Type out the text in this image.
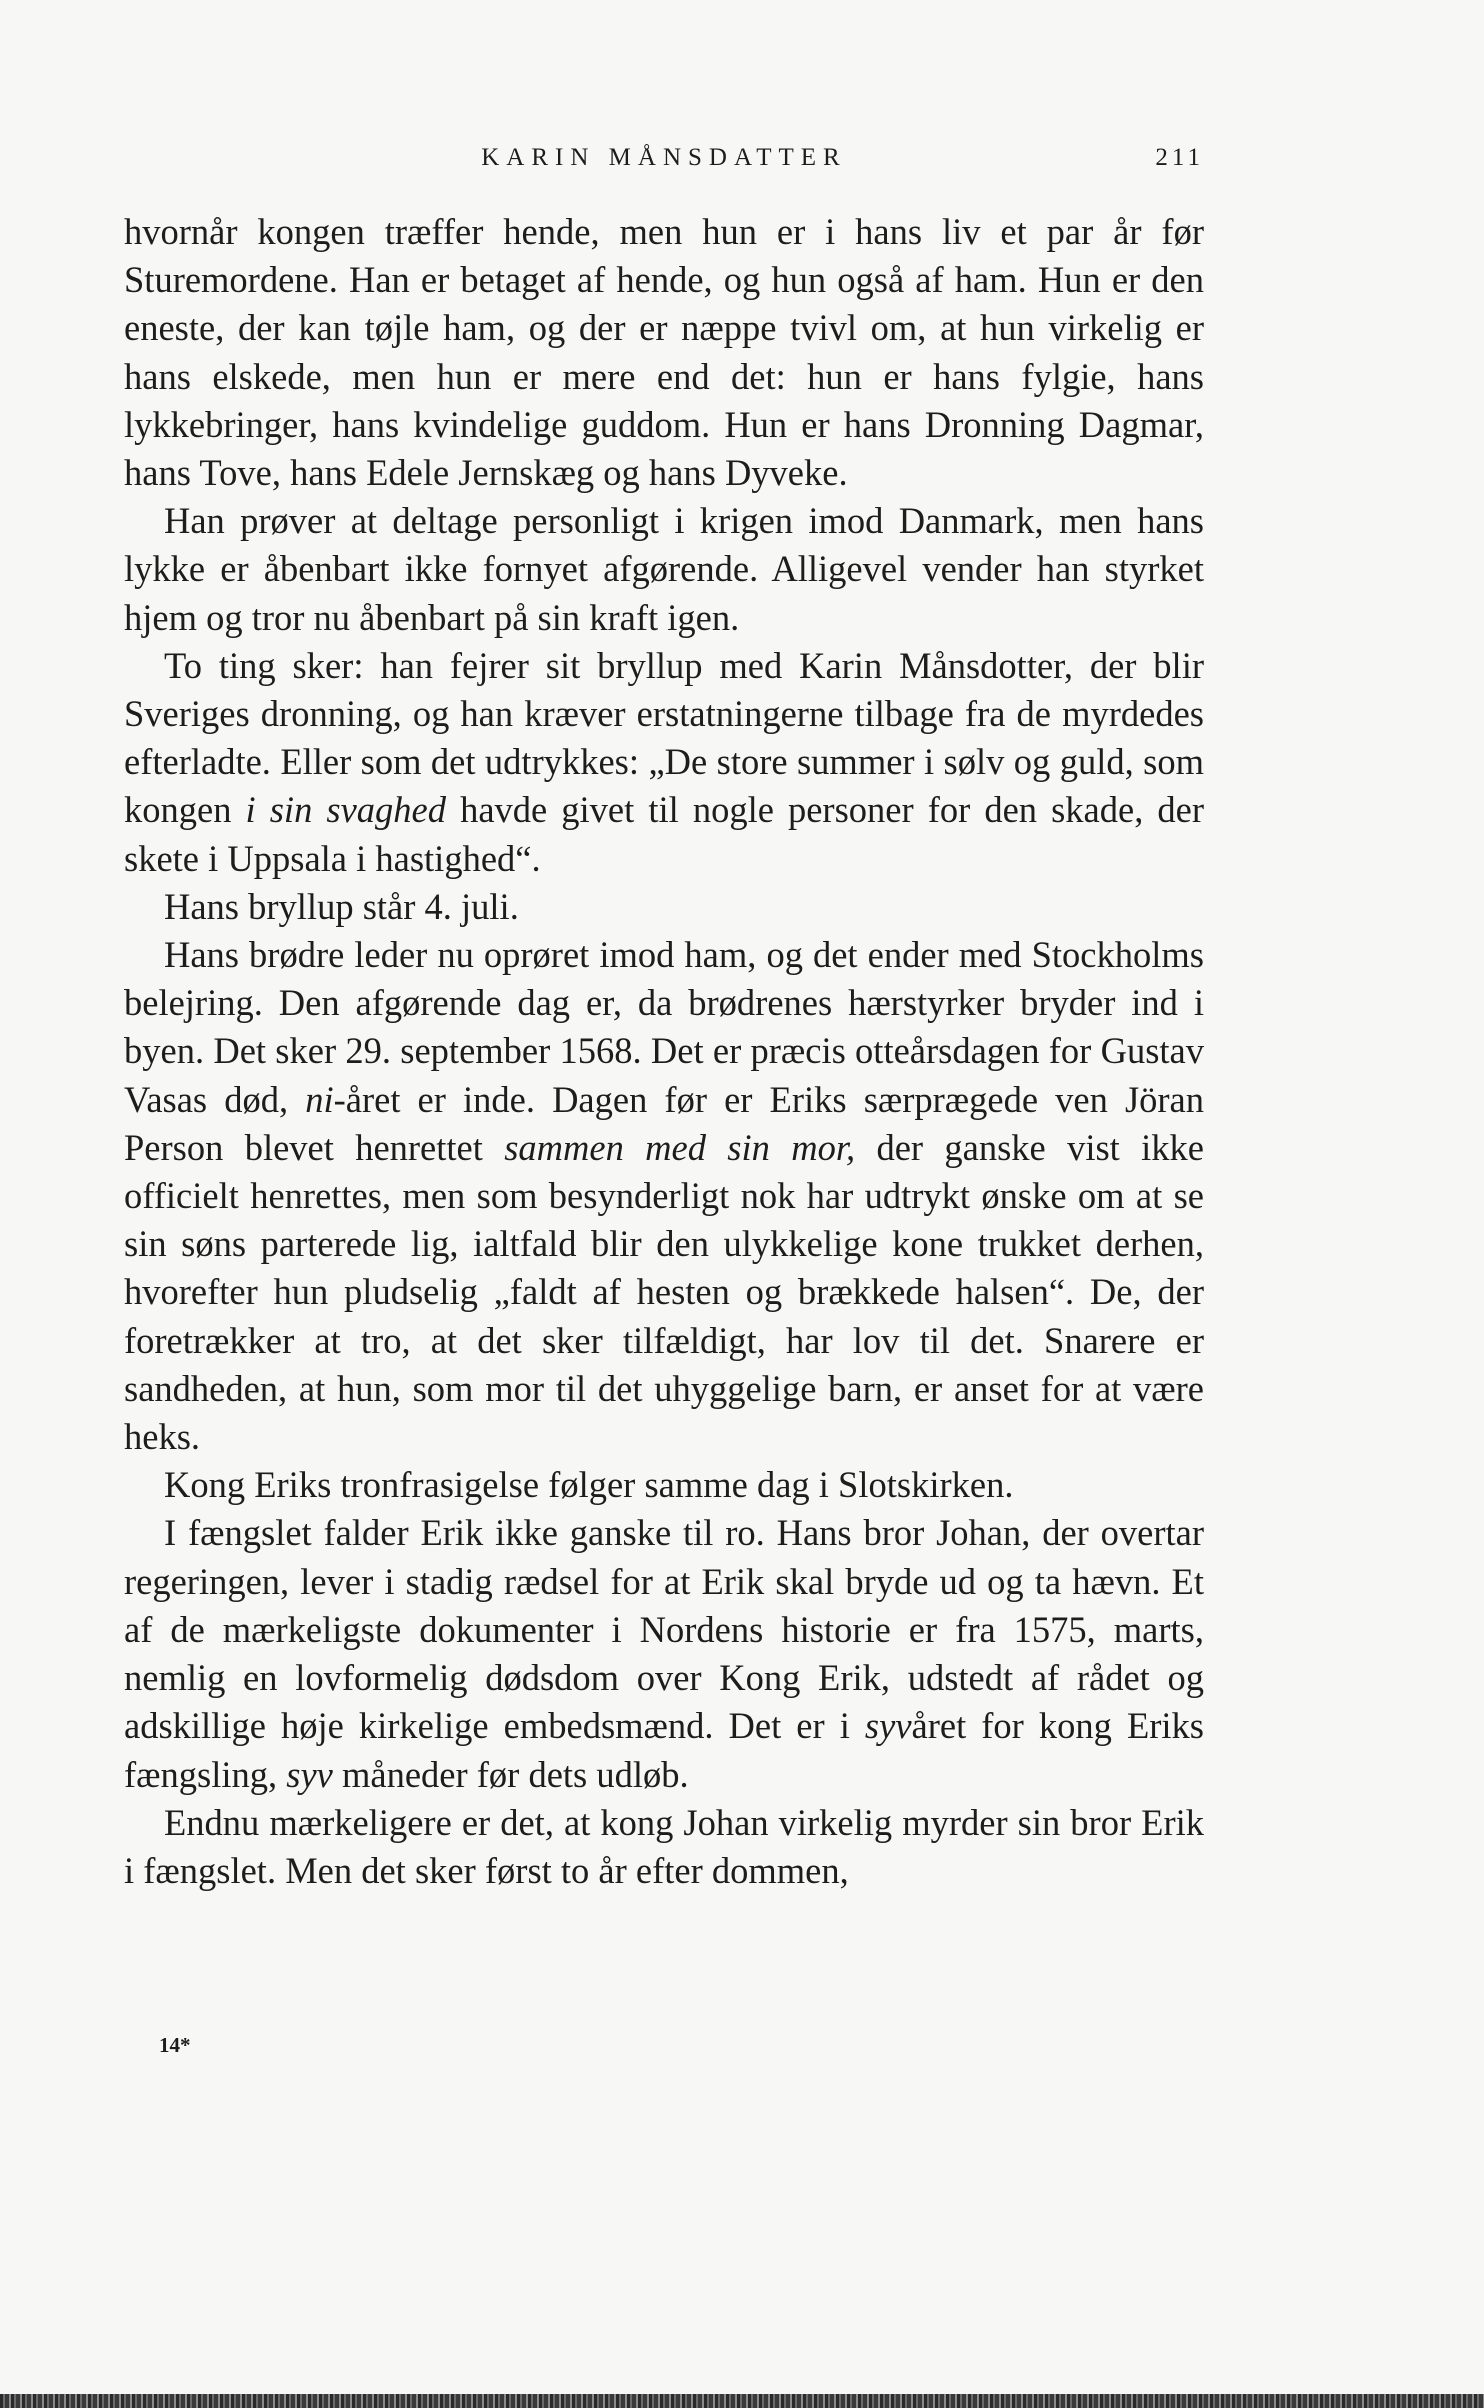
KARIN MÅNSDATTER	211

hvornår kongen træffer hende, men hun er i hans liv et par år før Sturemordene. Han er betaget af hende, og hun også af ham. Hun er den eneste, der kan tøjle ham, og der er næppe tvivl om, at hun virkelig er hans elskede, men hun er mere end det: hun er hans fylgie, hans lykkebringer, hans kvindelige guddom. Hun er hans Dronning Dagmar, hans Tove, hans Edele Jernskæg og hans Dyveke.

Han prøver at deltage personligt i krigen imod Danmark, men hans lykke er åbenbart ikke fornyet afgørende. Alligevel vender han styrket hjem og tror nu åbenbart på sin kraft igen.

To ting sker: han fejrer sit bryllup med Karin Månsdotter, der blir Sveriges dronning, og han kræver erstatningerne tilbage fra de myrdedes efterladte. Eller som det udtrykkes: „De store summer i sølv og guld, som kongen i sin svaghed havde givet til nogle personer for den skade, der skete i Uppsala i hastighed“.

Hans bryllup står 4. juli.

Hans brødre leder nu oprøret imod ham, og det ender med Stockholms belejring. Den afgørende dag er, da brødrenes hærstyrker bryder ind i byen. Det sker 29. september 1568. Det er præcis otteårsdagen for Gustav Vasas død, ni-året er inde. Dagen før er Eriks særprægede ven Jöran Person blevet henrettet sammen med sin mor, der ganske vist ikke officielt henrettes, men som besynderligt nok har udtrykt ønske om at se sin søns parterede lig, ialtfald blir den ulykkelige kone trukket derhen, hvorefter hun pludselig „faldt af hesten og brækkede halsen“. De, der foretrækker at tro, at det sker tilfældigt, har lov til det. Snarere er sandheden, at hun, som mor til det uhyggelige barn, er anset for at være heks.

Kong Eriks tronfrasigelse følger samme dag i Slotskirken.

I fængslet falder Erik ikke ganske til ro. Hans bror Johan, der overtar regeringen, lever i stadig rædsel for at Erik skal bryde ud og ta hævn. Et af de mærkeligste dokumenter i Nordens historie er fra 1575, marts, nemlig en lovformelig dødsdom over Kong Erik, udstedt af rådet og adskillige høje kirkelige embedsmænd. Det er i syvåret for kong Eriks fængsling, syv måneder før dets udløb.

Endnu mærkeligere er det, at kong Johan virkelig myrder sin bror Erik i fængslet. Men det sker først to år efter dommen,

14*
